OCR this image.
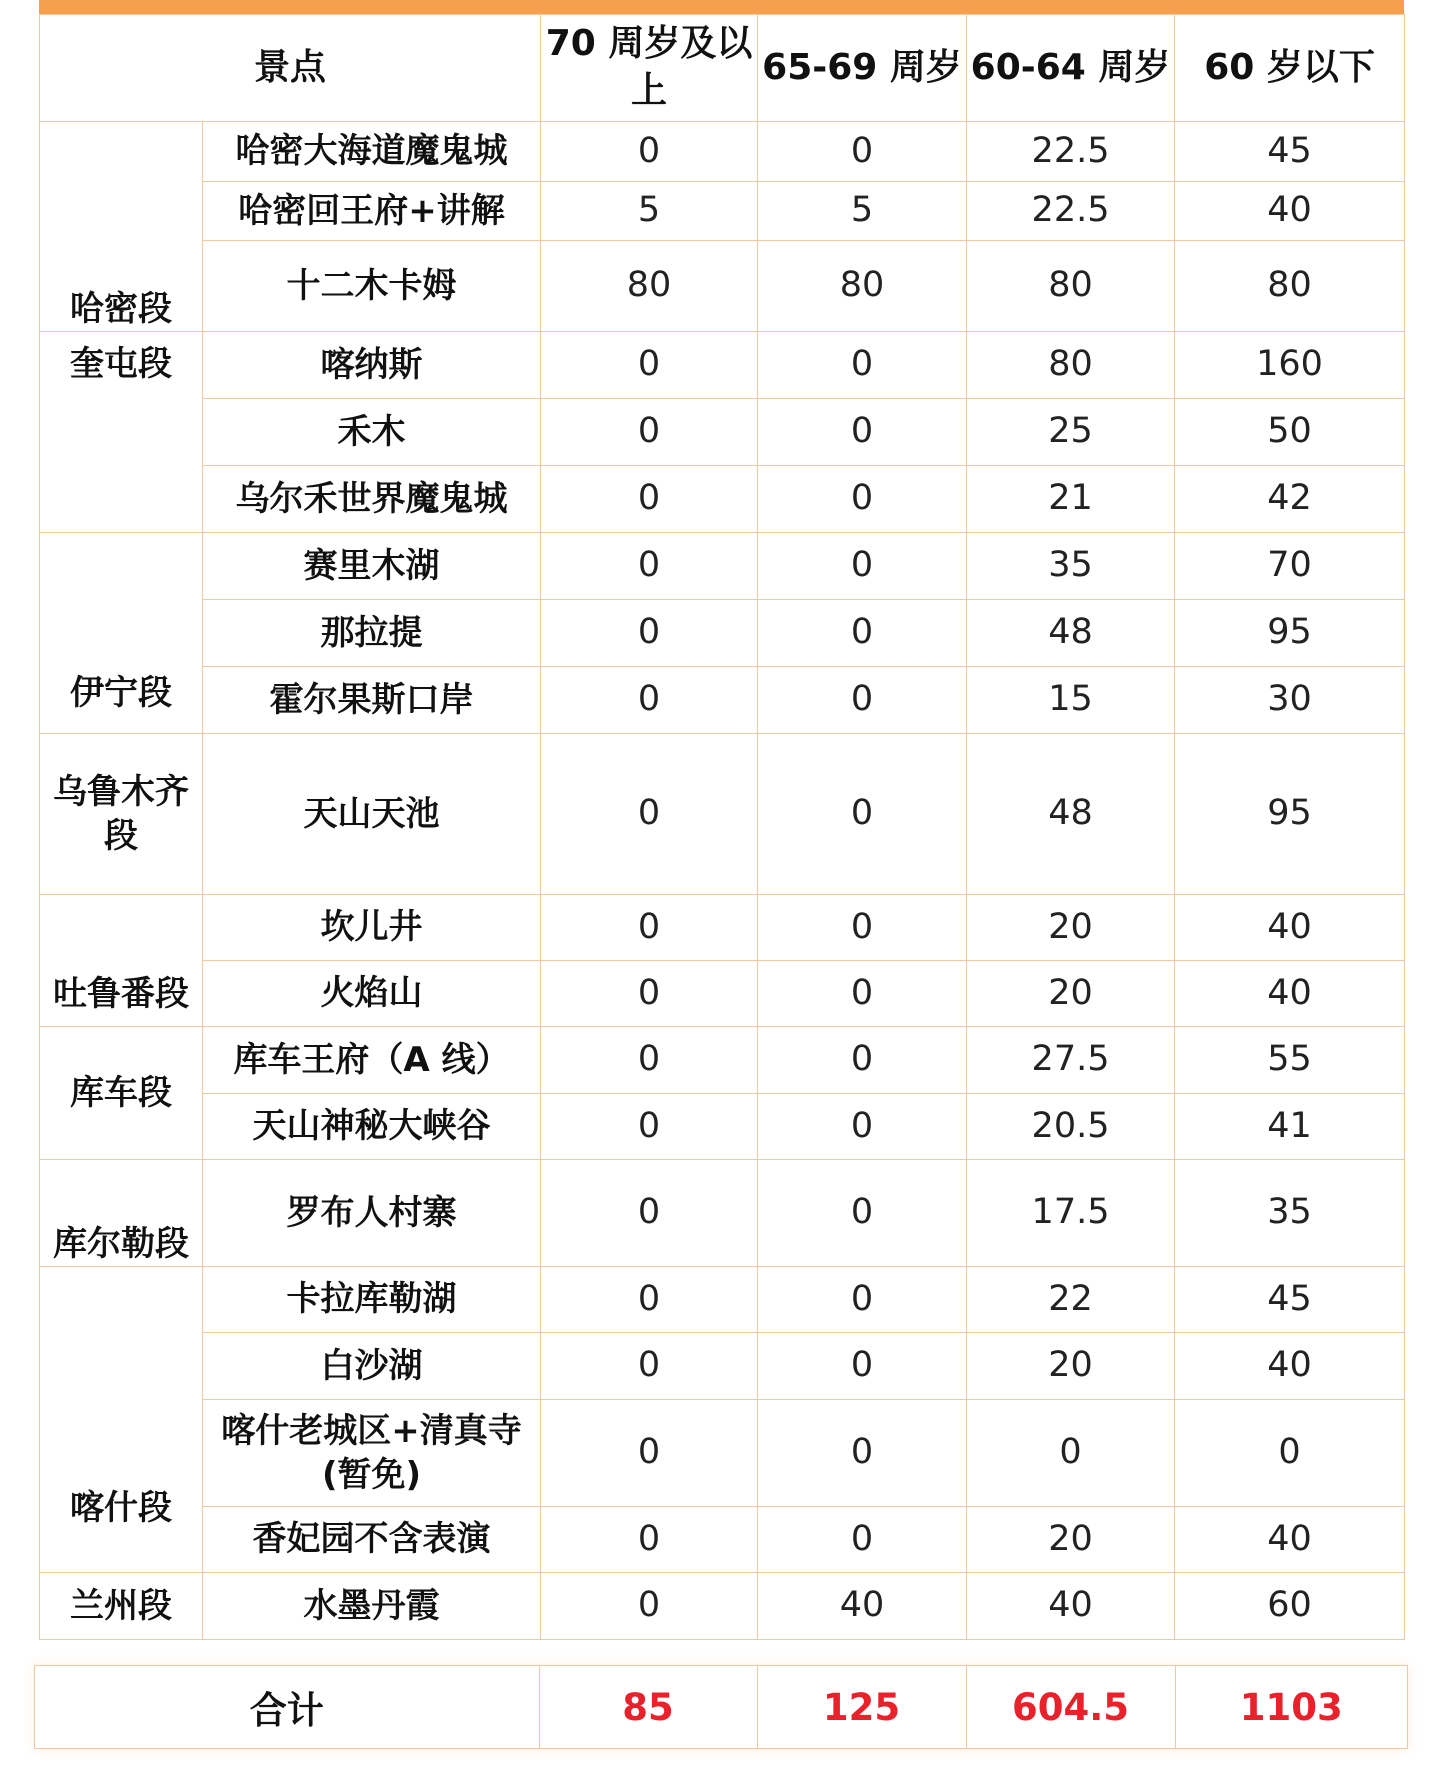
景点		70 周岁及以上	65-69 周岁	60-64 周岁	60 岁以下
哈密段	哈密大海道魔鬼城	0	0	22.5	45
	哈密回王府+讲解	5	5	22.5	40
	十二木卡姆	80	80	80	80
奎屯段	喀纳斯	0	0	80	160
	禾木	0	0	25	50
	乌尔禾世界魔鬼城	0	0	21	42
伊宁段	赛里木湖	0	0	35	70
	那拉提	0	0	48	95
	霍尔果斯口岸	0	0	15	30
乌鲁木齐段	天山天池	0	0	48	95
吐鲁番段	坎儿井	0	0	20	40
	火焰山	0	0	20	40
库车段	库车王府（A 线）	0	0	27.5	55
	天山神秘大峡谷	0	0	20.5	41
库尔勒段	罗布人村寨	0	0	17.5	35
喀什段	卡拉库勒湖	0	0	22	45
	白沙湖	0	0	20	40
	喀什老城区+清真寺(暂免)	0	0	0	0
	香妃园不含表演	0	0	20	40
兰州段	水墨丹霞	0	40	40	60
合计	85	125	604.5	1103
